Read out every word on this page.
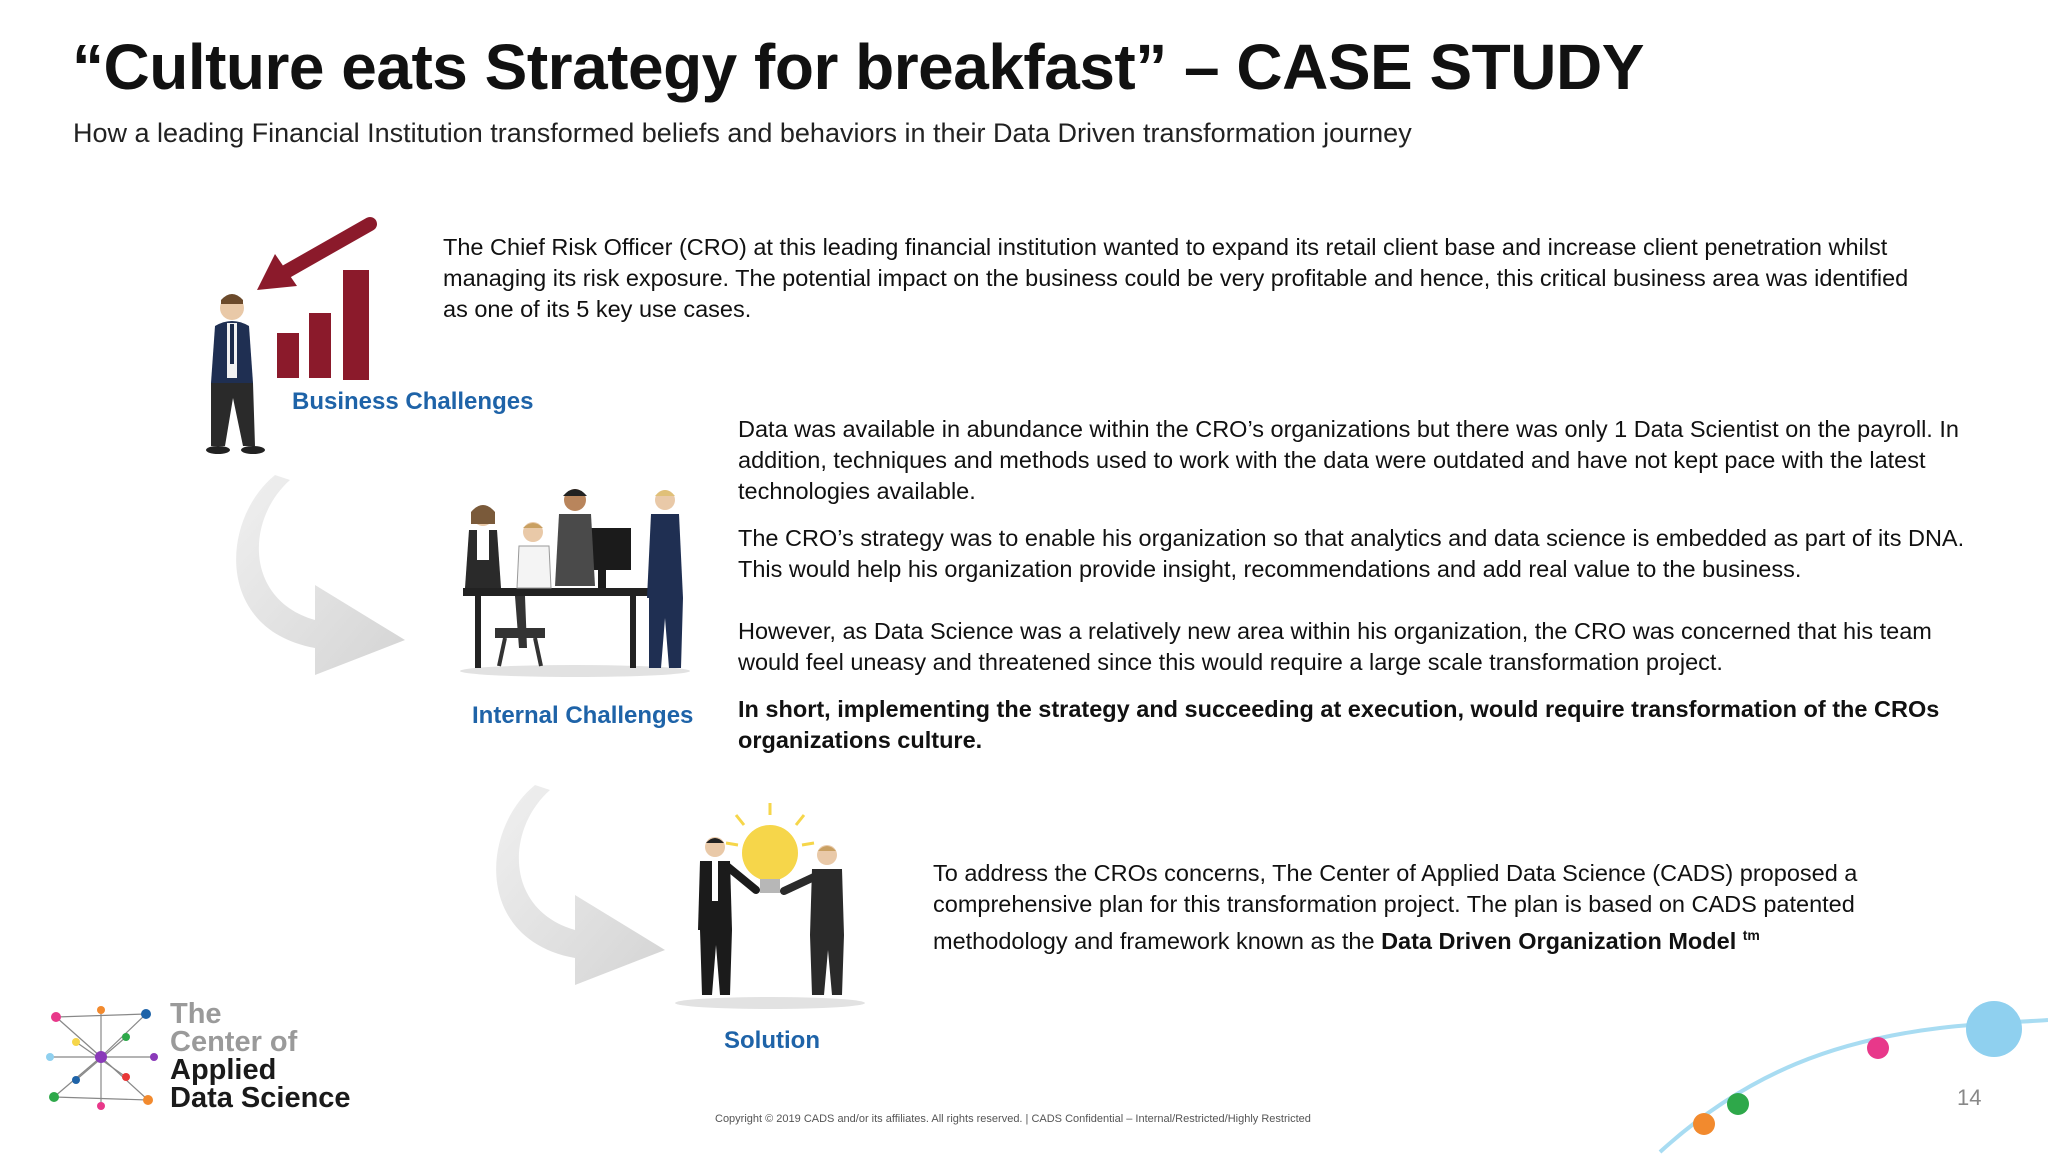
“Culture eats Strategy for breakfast” – CASE STUDY
How a leading Financial Institution transformed beliefs and behaviors in their Data Driven transformation journey
Business Challenges

The Chief Risk Officer (CRO) at this leading financial institution wanted to expand its retail client base and increase client penetration whilst managing its risk exposure. The potential impact on the business could be very profitable and hence, this critical business area was identified as one of its 5 key use cases.

Internal Challenges

Data was available in abundance within the CRO’s organizations but there was only 1 Data Scientist on the payroll. In addition, techniques and methods used to work with the data were outdated and have not kept pace with the latest technologies available.

The CRO’s strategy was to enable his organization so that analytics and data science is embedded as part of its DNA. This would help his organization provide insight, recommendations and add real value to the business.

However, as Data Science was a relatively new area within his organization, the CRO was concerned that his team would feel uneasy and threatened since this would require a large scale transformation project.

In short, implementing the strategy and succeeding at execution, would require transformation of the CROs organizations culture.

Solution

To address the CROs concerns, The Center of Applied Data Science (CADS) proposed a comprehensive plan for this transformation project. The plan is based on CADS patented methodology and framework known as the Data Driven Organization Model $^{tm}$

The
Center of
Applied
Data Science
Copyright © 2019 CADS and/or its affiliates. All rights reserved. | CADS Confidential – Internal/Restricted/Highly Restricted
14
